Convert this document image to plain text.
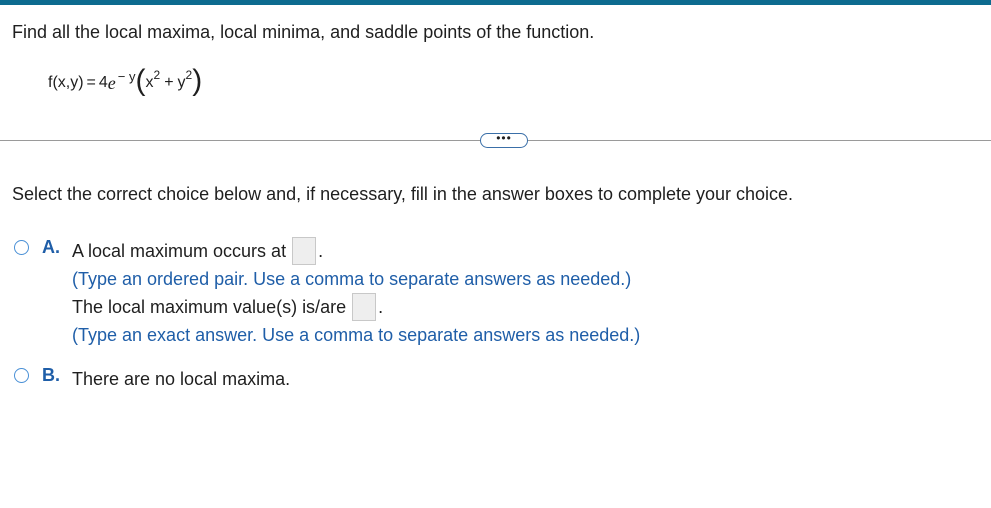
Find all the local maxima, local minima, and saddle points of the function.
f(x,y) = 4 $e^{- y}$ ( $x^2 + y^2$ )
•••
Select the correct choice below and, if necessary, fill in the answer boxes to complete your choice.
A. A local maximum occurs at .
(Type an ordered pair. Use a comma to separate answers as needed.)
The local maximum value(s) is/are .
(Type an exact answer. Use a comma to separate answers as needed.)
B. There are no local maxima.
